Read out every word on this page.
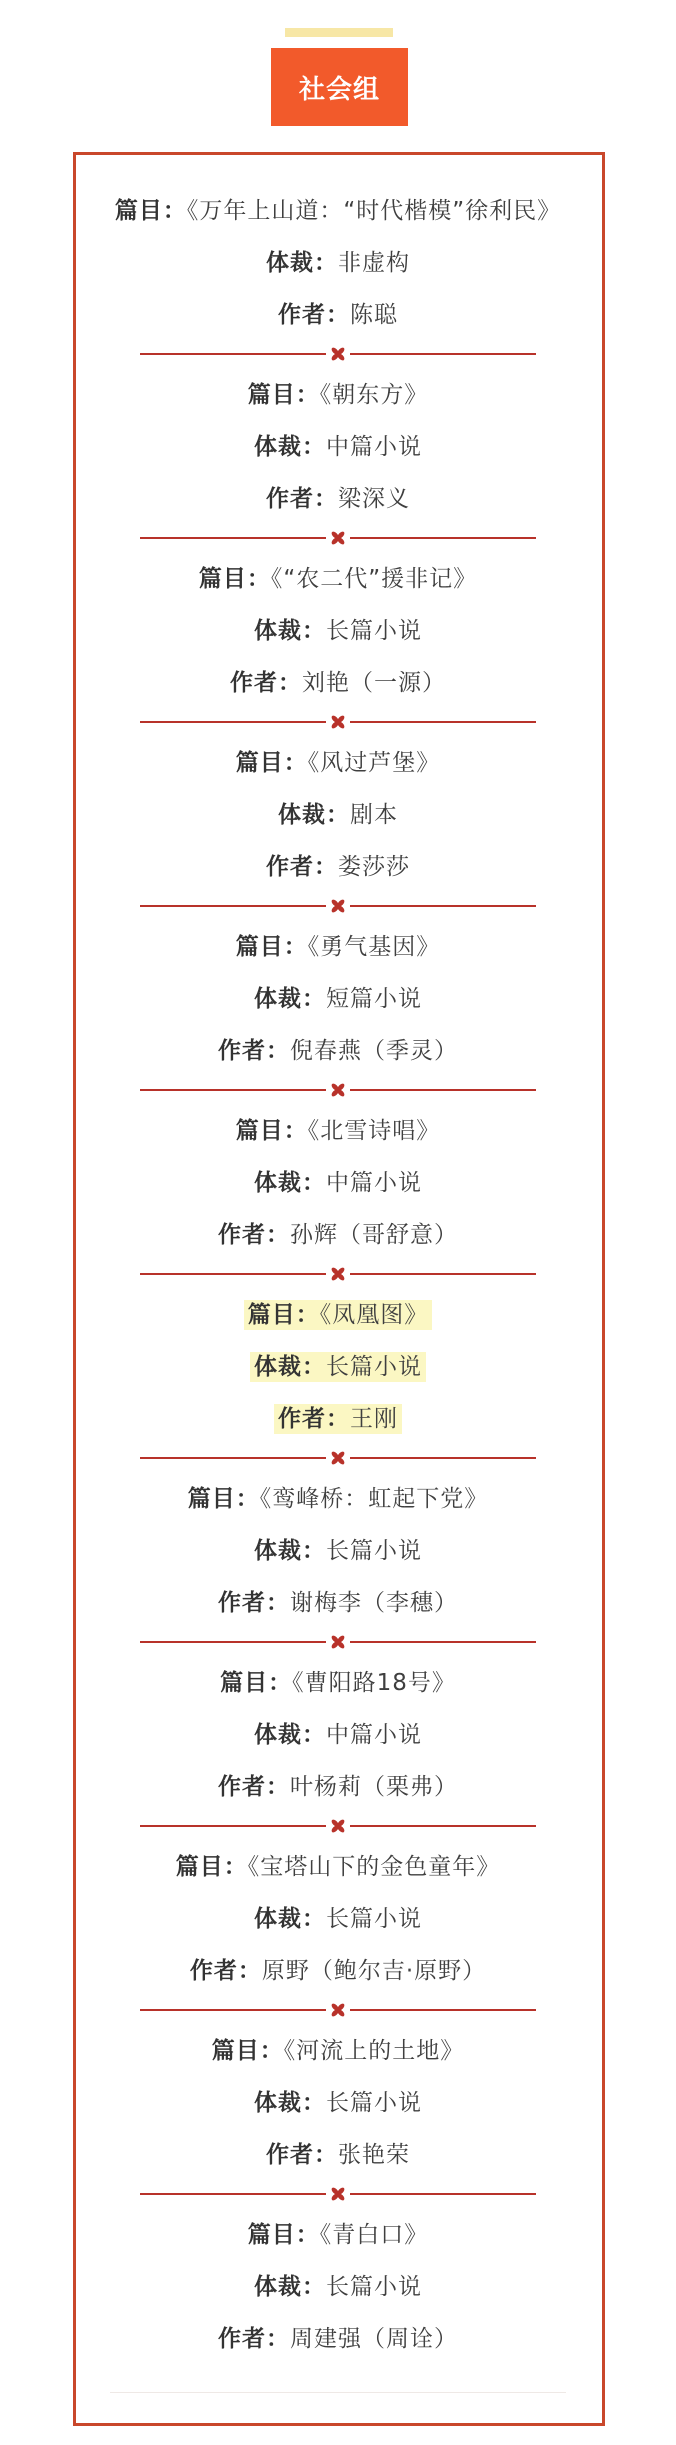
社会组
篇目：《万年上山道：“时代楷模”徐利民》
体裁：非虚构
作者：陈聪
篇目：《朝东方》
体裁：中篇小说
作者：梁深义
篇目：《“农二代”援非记》
体裁：长篇小说
作者：刘艳（一源）
篇目：《风过芦堡》
体裁：剧本
作者：娄莎莎
篇目：《勇气基因》
体裁：短篇小说
作者：倪春燕（季灵）
篇目：《北雪诗唱》
体裁：中篇小说
作者：孙辉（哥舒意）
篇目：《凤凰图》
体裁：长篇小说
作者：王刚
篇目：《鸾峰桥：虹起下党》
体裁：长篇小说
作者：谢梅李（李穗）
篇目：《曹阳路18号》
体裁：中篇小说
作者：叶杨莉（栗弗）
篇目：《宝塔山下的金色童年》
体裁：长篇小说
作者：原野（鲍尔吉·原野）
篇目：《河流上的土地》
体裁：长篇小说
作者：张艳荣
篇目：《青白口》
体裁：长篇小说
作者：周建强（周诠）
